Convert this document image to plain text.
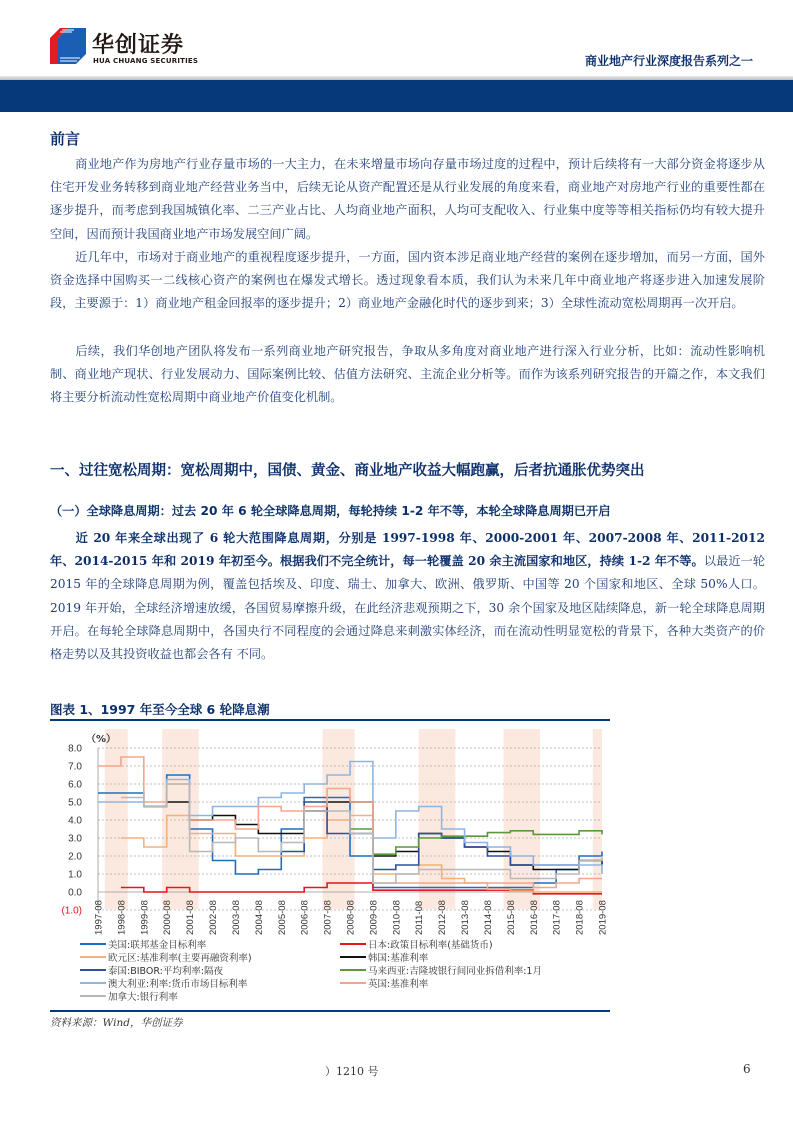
华创证券
HUA CHUANG SECURITIES	商业地产行业深度报告系列之一
前言
商业地产作为房地产行业存量市场的一大主力，在未来增量市场向存量市场过度的过程中，预计后续将有一大部分资金将逐步从住宅开发业务转移到商业地产经营业务当中，后续无论从资产配置还是从行业发展的角度来看，商业地产对房地产行业的重要性都在逐步提升，而考虑到我国城镇化率、二三产业占比、人均商业地产面积，人均可支配收入、行业集中度等等相关指标仍均有较大提升空间，因而预计我国商业地产市场发展空间广阔。
近几年中，市场对于商业地产的重视程度逐步提升，一方面，国内资本涉足商业地产经营的案例在逐步增加，而另一方面，国外资金选择中国购买一二线核心资产的案例也在爆发式增长。透过现象看本质，我们认为未来几年中商业地产将逐步进入加速发展阶段，主要源于：1）商业地产租金回报率的逐步提升；2）商业地产金融化时代的逐步到来；3）全球性流动宽松周期再一次开启。
后续，我们华创地产团队将发布一系列商业地产研究报告，争取从多角度对商业地产进行深入行业分析，比如：流动性影响机制、商业地产现状、行业发展动力、国际案例比较、估值方法研究、主流企业分析等。而作为该系列研究报告的开篇之作，本文我们将主要分析流动性宽松周期中商业地产价值变化机制。
一、过往宽松周期：宽松周期中，国债、黄金、商业地产收益大幅跑赢，后者抗通胀优势突出
（一）全球降息周期：过去 20 年 6 轮全球降息周期，每轮持续 1-2 年不等，本轮全球降息周期已开启
近 20 年来全球出现了 6 轮大范围降息周期，分别是 1997-1998 年、2000-2001 年、2007-2008 年、2011-2012 年、2014-2015 年和 2019 年初至今。根据我们不完全统计，每一轮覆盖 20 余主流国家和地区，持续 1-2 年不等。以最近一轮 2015 年的全球降息周期为例，覆盖包括埃及、印度、瑞士、加拿大、欧洲、俄罗斯、中国等 20 个国家和地区、全球 50%人口。2019 年开始，全球经济增速放缓，各国贸易摩擦升级，在此经济悲观预期之下，30 余个国家及地区陆续降息，新一轮全球降息周期开启。在每轮全球降息周期中，各国央行不同程度的会通过降息来刺激实体经济，而在流动性明显宽松的背景下，各种大类资产的价格走势以及其投资收益也都会各有 不同。
图表 1、1997 年至今全球 6 轮降息潮
8.0
7.0
6.0
5.0
4.0
3.0
2.0
1.0
0.0
(1.0)
（%）
1997-08 1998-08 1999-08 2000-08 2001-08 2002-08 2003-08 2004-08 2005-08 2006-08 2007-08 2008-08 2009-08 2010-08 2011-08 2012-08 2013-08 2014-08 2015-08 2016-08 2017-08 2018-08 2019-08
美国:联邦基金目标利率	日本:政策目标利率(基础货币)
欧元区:基准利率(主要再融资利率)	韩国:基准利率
泰国:BIBOR:平均利率:隔夜	马来西亚:吉隆坡银行间同业拆借利率:1月
澳大利亚:利率:货币市场目标利率	英国:基准利率
加拿大:银行利率
资料来源：Wind，华创证券
）1210 号	6
